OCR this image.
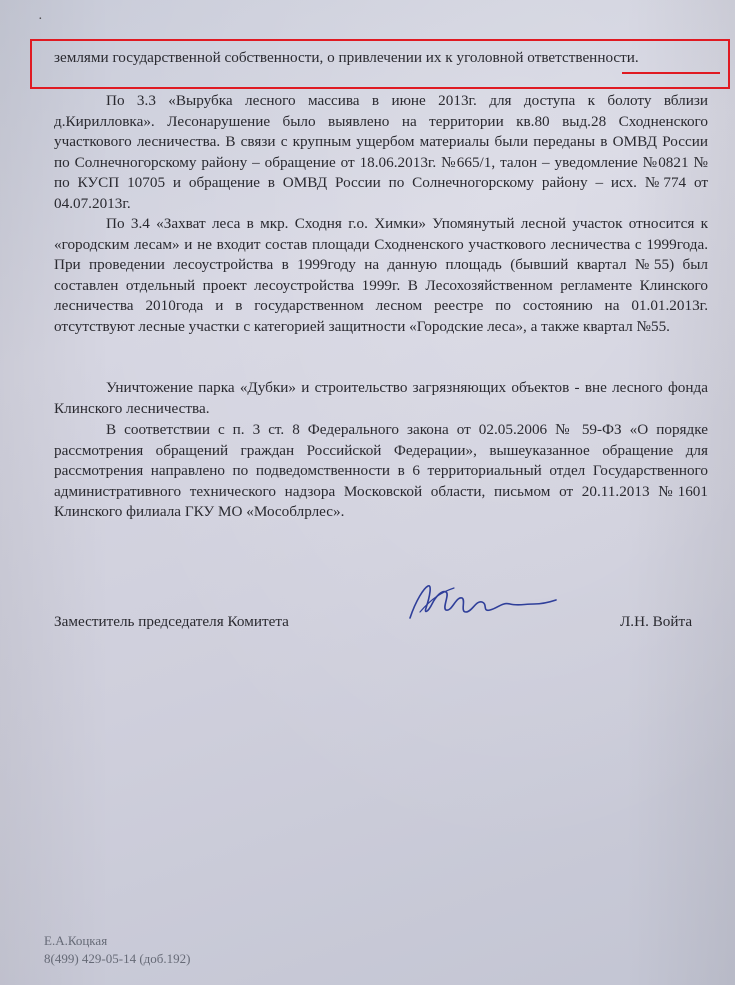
·

землями государственной собственности, о привлечении их к уголовной ответственности.

По 3.3 «Вырубка лесного массива в июне 2013г. для доступа к болоту вблизи д.Кирилловка». Лесонарушение было выявлено на территории кв.80 выд.28 Сходненского участкового лесничества. В связи с крупным ущербом материалы были переданы в ОМВД России по Солнечногорскому району – обращение от 18.06.2013г. №665/1, талон – уведомление №0821 № по КУСП 10705 и обращение в ОМВД России по Солнечногорскому району – исх. №774 от 04.07.2013г.

По 3.4 «Захват леса в мкр. Сходня г.о. Химки» Упомянутый лесной участок относится к «городским лесам» и не входит состав площади Сходненского участкового лесничества с 1999года. При проведении лесоустройства в 1999году на данную площадь (бывший квартал №55) был составлен отдельный проект лесоустройства 1999г. В Лесохозяйственном регламенте Клинского лесничества 2010года и в государственном лесном реестре по состоянию на 01.01.2013г. отсутствуют лесные участки с категорией защитности «Городские леса», а также квартал №55.

Уничтожение парка «Дубки» и строительство загрязняющих объектов - вне лесного фонда Клинского лесничества.

В соответствии с п. 3 ст. 8 Федерального закона от 02.05.2006 № 59-ФЗ «О порядке рассмотрения обращений граждан Российской Федерации», вышеуказанное обращение для рассмотрения направлено по подведомственности в 6 территориальный отдел Государственного административного технического надзора Московской области, письмом от 20.11.2013 №1601 Клинского филиала ГКУ МО «Мособлрлес».

Заместитель председателя Комитета	Л.Н. Войта
Е.А.Коцкая
8(499) 429-05-14 (доб.192)
